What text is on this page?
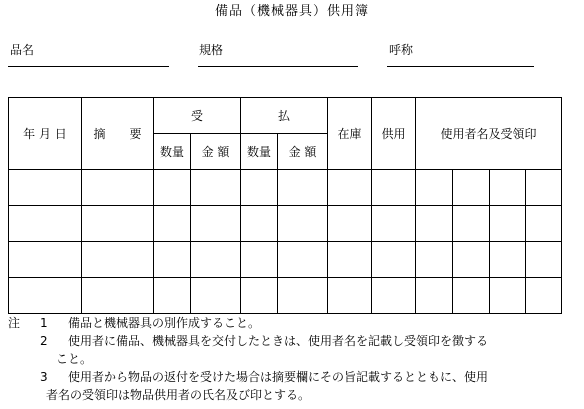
備品（機械器具）供用簿
品名	規格	呼称
年 月 日	摘　　要	受		払		在庫	供用	使用者名及受領印			
		数量	金 額	数量	金 額						

注 1 備品と機械器具の別作成すること。
2 使用者に備品、機械器具を交付したときは、使用者名を記載し受領印を徴する
こと。
3 使用者から物品の返付を受けた場合は摘要欄にその旨記載するとともに、使用
者名の受領印は物品供用者の氏名及び印とする。
